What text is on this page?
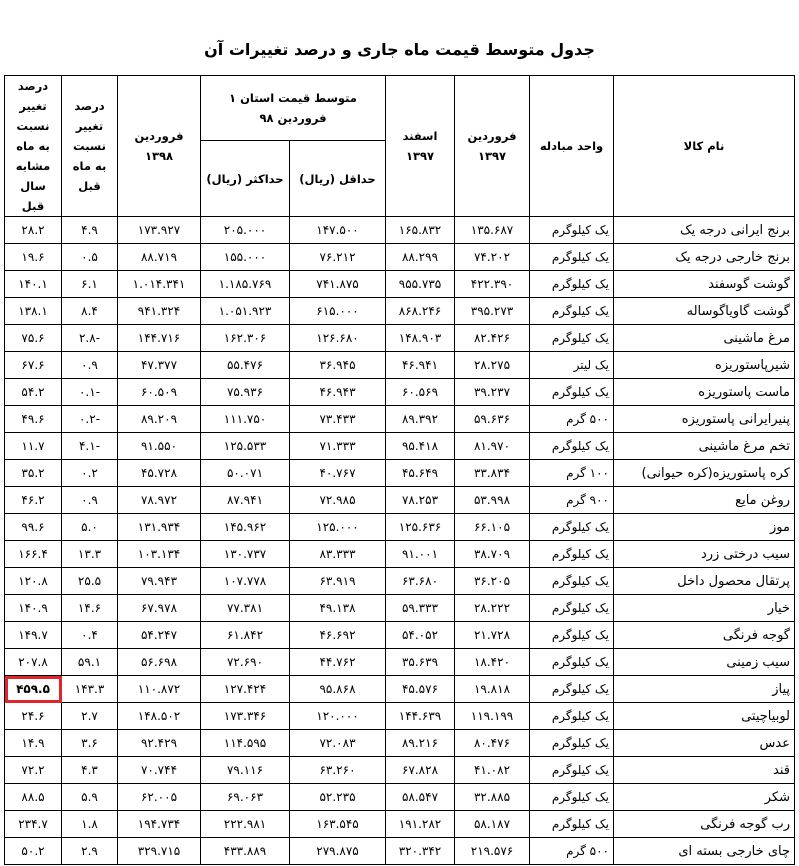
جدول متوسط قیمت ماه جاری و درصد تغییرات آن
نام کالا	واحد مبادله	فروردین ۱۳۹۷	اسفند ۱۳۹۷	متوسط قیمت استان ۱ فروردین ۹۸		فروردین ۱۳۹۸	درصد تغییر نسبت به ماه قبل	درصد تغییر نسبت به ماه مشابه سال قبل
				حداقل (ریال)	حداکثر (ریال)			
برنج ایرانی درجه یک	یک کیلوگرم	۱۳۵.۶۸۷	۱۶۵.۸۳۲	۱۴۷.۵۰۰	۲۰۵.۰۰۰	۱۷۳.۹۲۷	۴.۹	۲۸.۲
برنج خارجی درجه یک	یک کیلوگرم	۷۴.۲۰۲	۸۸.۲۹۹	۷۶.۲۱۲	۱۵۵.۰۰۰	۸۸.۷۱۹	۰.۵	۱۹.۶
گوشت گوسفند	یک کیلوگرم	۴۲۲.۳۹۰	۹۵۵.۷۳۵	۷۴۱.۸۷۵	۱.۱۸۵.۷۶۹	۱.۰۱۴.۳۴۱	۶.۱	۱۴۰.۱
گوشت گاوياگوساله	یک کیلوگرم	۳۹۵.۲۷۳	۸۶۸.۲۴۶	۶۱۵.۰۰۰	۱.۰۵۱.۹۲۳	۹۴۱.۳۲۴	۸.۴	۱۳۸.۱
مرغ ماشینی	یک کیلوگرم	۸۲.۴۲۶	۱۴۸.۹۰۳	۱۲۶.۶۸۰	۱۶۲.۳۰۶	۱۴۴.۷۱۶	-۲.۸	۷۵.۶
شیرپاستوریزه	یک لیتر	۲۸.۲۷۵	۴۶.۹۴۱	۳۶.۹۴۵	۵۵.۴۷۶	۴۷.۳۷۷	۰.۹	۶۷.۶
ماست پاستوریزه	یک کیلوگرم	۳۹.۲۳۷	۶۰.۵۶۹	۴۶.۹۴۳	۷۵.۹۳۶	۶۰.۵۰۹	-۰.۱	۵۴.۲
پنیرایرانی پاستوریزه	۵۰۰ گرم	۵۹.۶۳۶	۸۹.۳۹۲	۷۳.۴۳۳	۱۱۱.۷۵۰	۸۹.۲۰۹	-۰.۲	۴۹.۶
تخم مرغ ماشینی	یک کیلوگرم	۸۱.۹۷۰	۹۵.۴۱۸	۷۱.۳۳۳	۱۲۵.۵۳۳	۹۱.۵۵۰	-۴.۱	۱۱.۷
کره پاستوریزه(کره حیوانی)	۱۰۰ گرم	۳۳.۸۳۴	۴۵.۶۴۹	۴۰.۷۶۷	۵۰.۰۷۱	۴۵.۷۲۸	۰.۲	۳۵.۲
روغن مایع	۹۰۰ گرم	۵۳.۹۹۸	۷۸.۲۵۳	۷۲.۹۸۵	۸۷.۹۴۱	۷۸.۹۷۲	۰.۹	۴۶.۲
موز	یک کیلوگرم	۶۶.۱۰۵	۱۲۵.۶۳۶	۱۲۵.۰۰۰	۱۴۵.۹۶۲	۱۳۱.۹۳۴	۵.۰	۹۹.۶
سیب درختی زرد	یک کیلوگرم	۳۸.۷۰۹	۹۱.۰۰۱	۸۳.۳۳۳	۱۳۰.۷۳۷	۱۰۳.۱۳۴	۱۳.۳	۱۶۶.۴
پرتقال محصول داخل	یک کیلوگرم	۳۶.۲۰۵	۶۳.۶۸۰	۶۳.۹۱۹	۱۰۷.۷۷۸	۷۹.۹۴۳	۲۵.۵	۱۲۰.۸
خیار	یک کیلوگرم	۲۸.۲۲۲	۵۹.۳۳۳	۴۹.۱۳۸	۷۷.۳۸۱	۶۷.۹۷۸	۱۴.۶	۱۴۰.۹
گوجه فرنگی	یک کیلوگرم	۲۱.۷۲۸	۵۴.۰۵۲	۴۶.۶۹۲	۶۱.۸۴۲	۵۴.۲۴۷	۰.۴	۱۴۹.۷
سیب زمینی	یک کیلوگرم	۱۸.۴۲۰	۳۵.۶۳۹	۴۴.۷۶۲	۷۲.۶۹۰	۵۶.۶۹۸	۵۹.۱	۲۰۷.۸
پیاز	یک کیلوگرم	۱۹.۸۱۸	۴۵.۵۷۶	۹۵.۸۶۸	۱۲۷.۴۲۴	۱۱۰.۸۷۲	۱۴۳.۳	۴۵۹.۵
لوبیاچیتی	یک کیلوگرم	۱۱۹.۱۹۹	۱۴۴.۶۳۹	۱۲۰.۰۰۰	۱۷۳.۳۴۶	۱۴۸.۵۰۲	۲.۷	۲۴.۶
عدس	یک کیلوگرم	۸۰.۴۷۶	۸۹.۲۱۶	۷۲.۰۸۳	۱۱۴.۵۹۵	۹۲.۴۲۹	۳.۶	۱۴.۹
قند	یک کیلوگرم	۴۱.۰۸۲	۶۷.۸۲۸	۶۳.۲۶۰	۷۹.۱۱۶	۷۰.۷۴۴	۴.۳	۷۲.۲
شکر	یک کیلوگرم	۳۲.۸۸۵	۵۸.۵۴۷	۵۲.۲۳۵	۶۹.۰۶۳	۶۲.۰۰۵	۵.۹	۸۸.۵
رب گوجه فرنگی	یک کیلوگرم	۵۸.۱۸۷	۱۹۱.۲۸۲	۱۶۳.۵۴۵	۲۲۲.۹۸۱	۱۹۴.۷۳۴	۱.۸	۲۳۴.۷
چای خارجی بسته ای	۵۰۰ گرم	۲۱۹.۵۷۶	۳۲۰.۳۴۲	۲۷۹.۸۷۵	۴۳۳.۸۸۹	۳۲۹.۷۱۵	۲.۹	۵۰.۲
